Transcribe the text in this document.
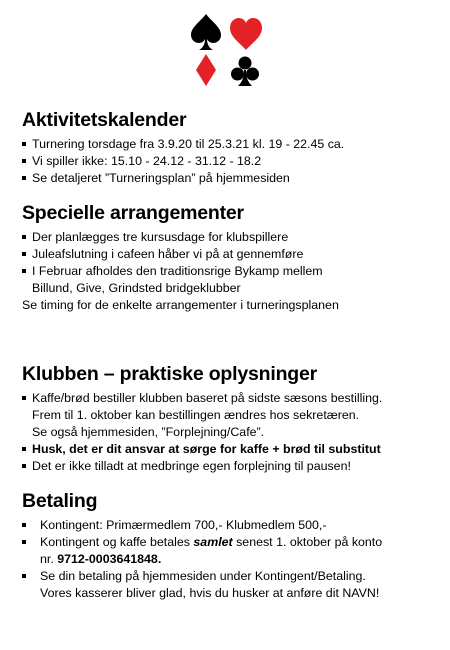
Aktivitetskalender
Turnering torsdage fra 3.9.20 til 25.3.21 kl. 19 - 22.45 ca.
Vi spiller ikke: 15.10 - 24.12 - 31.12 - 18.2
Se detaljeret ”Turneringsplan” på hjemmesiden
Specielle arrangementer
Der planlægges tre kursusdage for klubspillere
Juleafslutning i cafeen håber vi på at gennemføre
I Februar afholdes den traditionsrige Bykamp mellem
Billund, Give, Grindsted bridgeklubber
Se timing for de enkelte arrangementer i turneringsplanen
Klubben – praktiske oplysninger
Kaffe/brød bestiller klubben baseret på sidste sæsons bestilling.
Frem til 1. oktober kan bestillingen ændres hos sekretæren.
Se også hjemmesiden, ”Forplejning/Cafe”.
Husk, det er dit ansvar at sørge for kaffe + brød til substitut
Det er ikke tilladt at medbringe egen forplejning til pausen!
Betaling
Kontingent: Primærmedlem 700,- Klubmedlem 500,-
Kontingent og kaffe betales samlet senest 1. oktober på konto
nr. 9712-0003641848.
Se din betaling på hjemmesiden under Kontingent/Betaling.
Vores kasserer bliver glad, hvis du husker at anføre dit NAVN!
